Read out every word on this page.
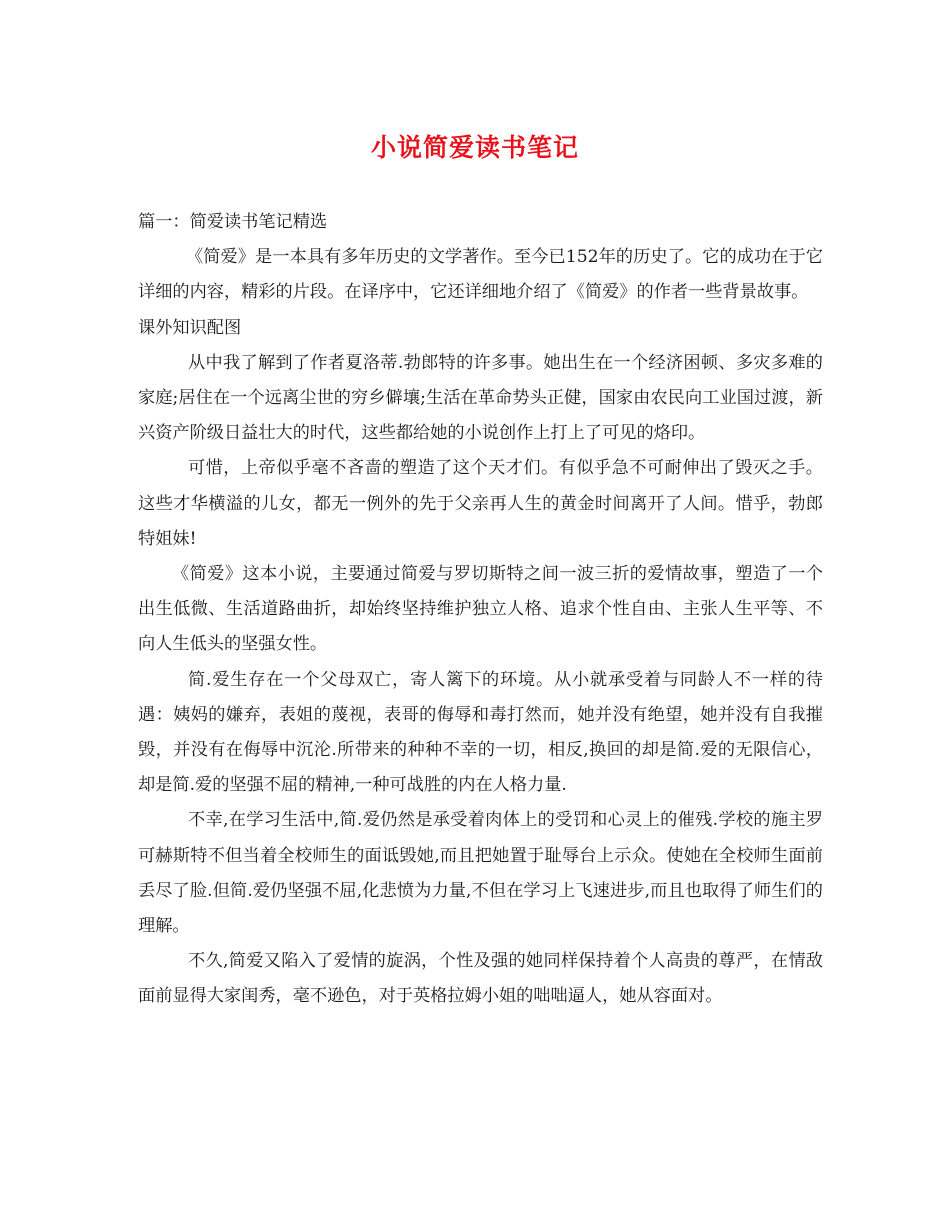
小说简爱读书笔记

篇一：简爱读书笔记精选

《简爱》是一本具有多年历史的文学著作。至今已152年的历史了。它的成功在于它详细的内容，精彩的片段。在译序中，它还详细地介绍了《简爱》的作者一些背景故事。

课外知识配图

从中我了解到了作者夏洛蒂.勃郎特的许多事。她出生在一个经济困顿、多灾多难的家庭;居住在一个远离尘世的穷乡僻壤;生活在革命势头正健，国家由农民向工业国过渡，新兴资产阶级日益壮大的时代，这些都给她的小说创作上打上了可见的烙印。

可惜，上帝似乎毫不吝啬的塑造了这个天才们。有似乎急不可耐伸出了毁灭之手。这些才华横溢的儿女，都无一例外的先于父亲再人生的黄金时间离开了人间。惜乎，勃郎特姐妹!

《简爱》这本小说，主要通过简爱与罗切斯特之间一波三折的爱情故事，塑造了一个出生低微、生活道路曲折，却始终坚持维护独立人格、追求个性自由、主张人生平等、不向人生低头的坚强女性。

简.爱生存在一个父母双亡，寄人篱下的环境。从小就承受着与同龄人不一样的待遇：姨妈的嫌弃，表姐的蔑视，表哥的侮辱和毒打然而，她并没有绝望，她并没有自我摧毁，并没有在侮辱中沉沦.所带来的种种不幸的一切，相反,换回的却是简.爱的无限信心，却是简.爱的坚强不屈的精神,一种可战胜的内在人格力量.

不幸,在学习生活中,简.爱仍然是承受着肉体上的受罚和心灵上的催残.学校的施主罗可赫斯特不但当着全校师生的面诋毁她,而且把她置于耻辱台上示众。使她在全校师生面前丢尽了脸.但简.爱仍坚强不屈,化悲愤为力量,不但在学习上飞速进步,而且也取得了师生们的理解。

不久,简爱又陷入了爱情的旋涡，个性及强的她同样保持着个人高贵的尊严，在情敌面前显得大家闺秀，毫不逊色，对于英格拉姆小姐的咄咄逼人，她从容面对。
